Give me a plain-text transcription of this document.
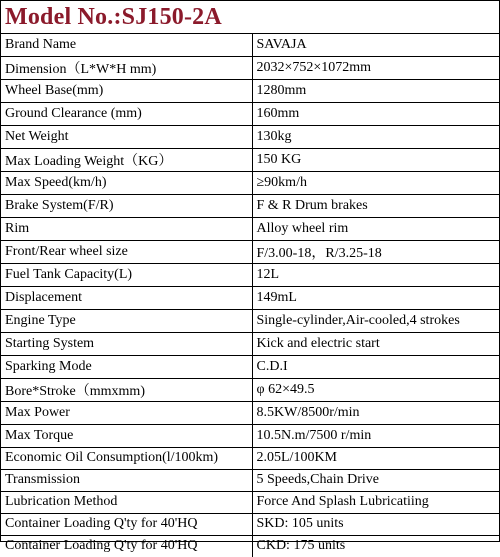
Model No.:SJ150-2A
Brand Name	SAVAJA
Dimension（L*W*H mm)	2032×752×1072mm
Wheel Base(mm)	1280mm
Ground Clearance (mm)	160mm
Net Weight	130kg
Max Loading Weight（KG）	150 KG
Max Speed(km/h)	≥90km/h
Brake System(F/R)	F & R Drum brakes
Rim	Alloy wheel rim
Front/Rear wheel size	F/3.00-18，R/3.25-18
Fuel Tank Capacity(L)	12L
Displacement	149mL
Engine Type	Single-cylinder,Air-cooled,4 strokes
Starting System	Kick and electric start
Sparking Mode	C.D.I
Bore*Stroke（mmxmm)	φ 62×49.5
Max Power	8.5KW/8500r/min
Max Torque	10.5N.m/7500 r/min
Economic Oil Consumption(l/100km)	2.05L/100KM
Transmission	5 Speeds,Chain Drive
Lubrication Method	Force And Splash Lubricatiing
Container Loading Q'ty for 40'HQ	SKD: 105 units
Container Loading Q'ty for 40'HQ	CKD: 175 units
